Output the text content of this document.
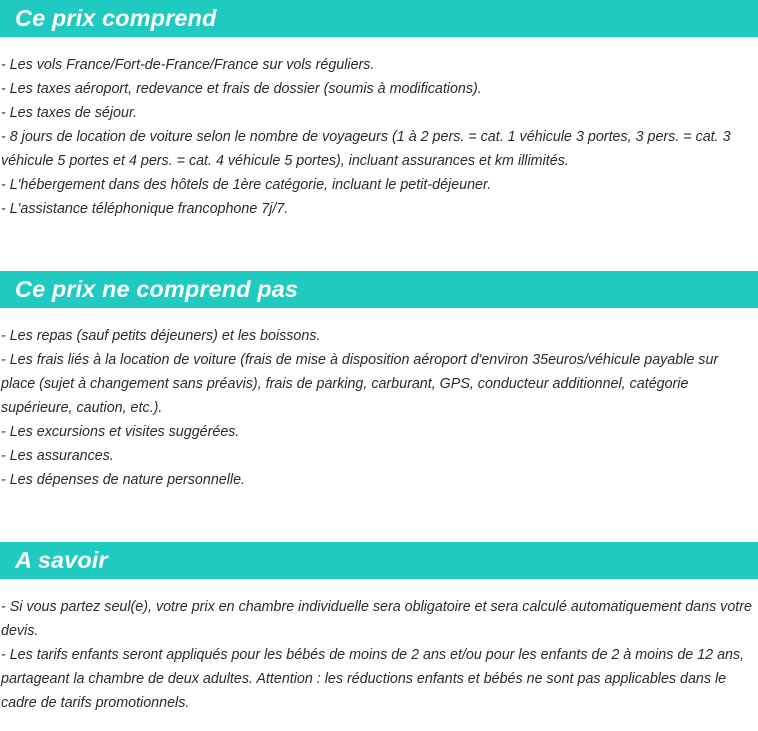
Ce prix comprend

- Les vols France/Fort-de-France/France sur vols réguliers.

- Les taxes aéroport, redevance et frais de dossier (soumis à modifications).

- Les taxes de séjour.

- 8 jours de location de voiture selon le nombre de voyageurs (1 à 2 pers. = cat. 1 véhicule 3 portes, 3 pers. = cat. 3 véhicule 5 portes et 4 pers. = cat. 4 véhicule 5 portes), incluant assurances et km illimités.

- L'hébergement dans des hôtels de 1ère catégorie, incluant le petit-déjeuner.

- L'assistance téléphonique francophone 7j/7.

Ce prix ne comprend pas

- Les repas (sauf petits déjeuners) et les boissons.

- Les frais liés à la location de voiture (frais de mise à disposition aéroport d'environ 35euros/véhicule payable sur place (sujet à changement sans préavis), frais de parking, carburant, GPS, conducteur additionnel, catégorie supérieure, caution, etc.).

- Les excursions et visites suggérées.

- Les assurances.

- Les dépenses de nature personnelle.

A savoir

- Si vous partez seul(e), votre prix en chambre individuelle sera obligatoire et sera calculé automatiquement dans votre devis.

- Les tarifs enfants seront appliqués pour les bébés de moins de 2 ans et/ou pour les enfants de 2 à moins de 12 ans, partageant la chambre de deux adultes. Attention : les réductions enfants et bébés ne sont pas applicables dans le cadre de tarifs promotionnels.
